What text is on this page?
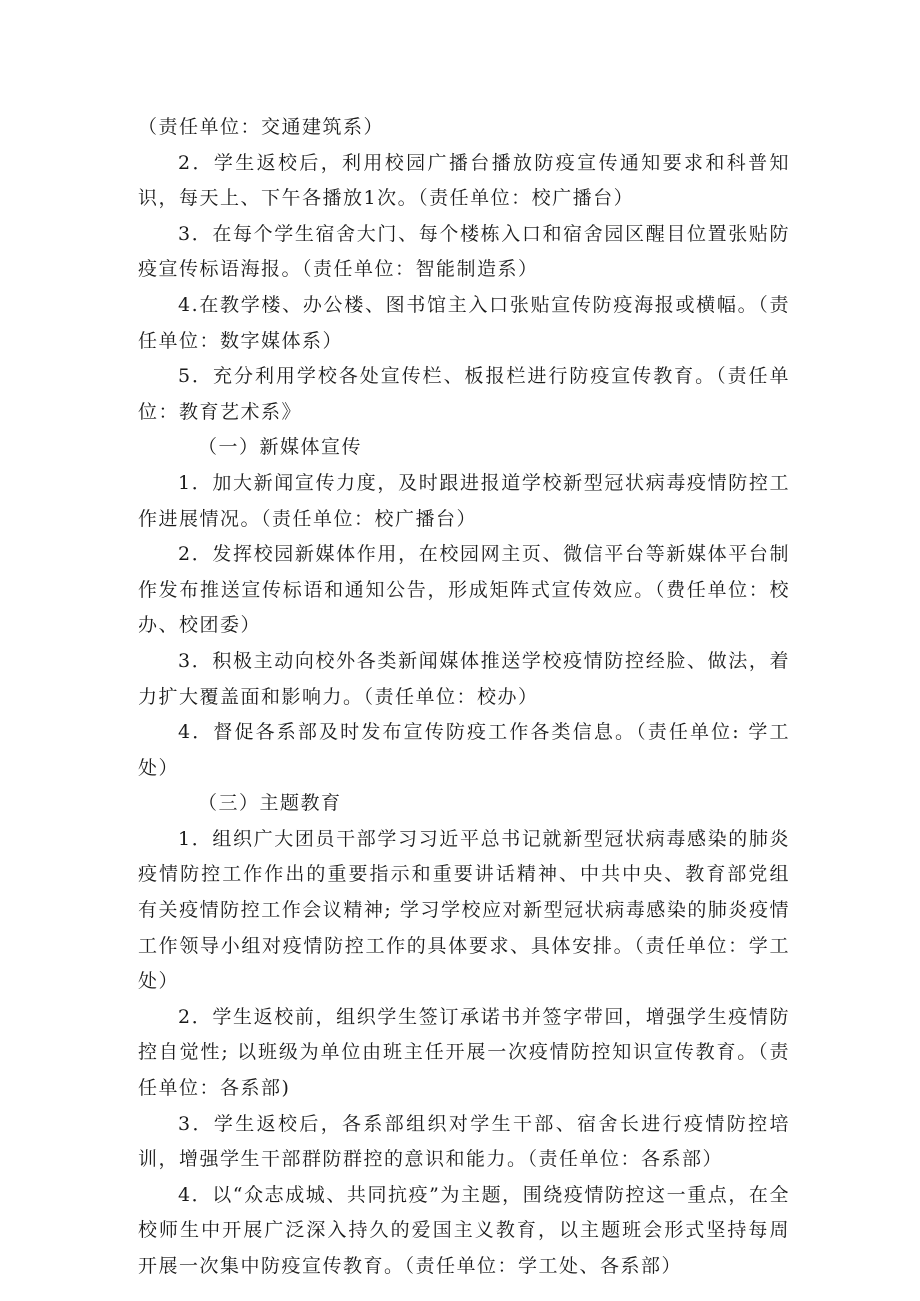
（责任单位：交通建筑系）

2．学生返校后，利用校园广播台播放防疫宣传通知要求和科普知识，每天上、下午各播放1次。（责任单位：校广播台）

3．在每个学生宿舍大门、每个楼栋入口和宿舍园区醒目位置张贴防疫宣传标语海报。（责任单位：智能制造系）

4.在教学楼、办公楼、图书馆主入口张贴宣传防疫海报或横幅。（责任单位：数字媒体系）

5．充分利用学校各处宣传栏、板报栏进行防疫宣传教育。（责任单位：教育艺术系》

（一）新媒体宣传

1．加大新闻宣传力度，及时跟进报道学校新型冠状病毒疫情防控工作进展情况。（责任单位：校广播台）

2．发挥校园新媒体作用，在校园网主页、微信平台等新媒体平台制作发布推送宣传标语和通知公告，形成矩阵式宣传效应。（费任单位：校办、校团委）

3．积极主动向校外各类新闻媒体推送学校疫情防控经脸、做法，着力扩大覆盖面和影响力。（责任单位：校办）

4．督促各系部及时发布宣传防疫工作各类信息。（责任单位: 学工处）

（三）主题教育

1．组织广大团员干部学习习近平总书记就新型冠状病毒感染的肺炎疫情防控工作作出的重要指示和重要讲话精神、中共中央、教育部党组有关疫情防控工作会议精神; 学习学校应对新型冠状病毒感染的肺炎疫情工作领导小组对疫情防控工作的具体要求、具体安排。（责任单位：学工处）

2．学生返校前，组织学生签订承诺书并签字带回，增强学生疫情防控自觉性; 以班级为单位由班主任开展一次疫情防控知识宣传教育。（责任单位：各系部)

3．学生返校后，各系部组织对学生干部、宿舍长进行疫情防控培训，增强学生干部群防群控的意识和能力。（责任单位：各系部）

4．以“众志成城、共同抗疫”为主题，围绕疫情防控这一重点，在全校师生中开展广泛深入持久的爱国主义教育，以主题班会形式坚持每周开展一次集中防疫宣传教育。（责任单位：学工处、各系部）
